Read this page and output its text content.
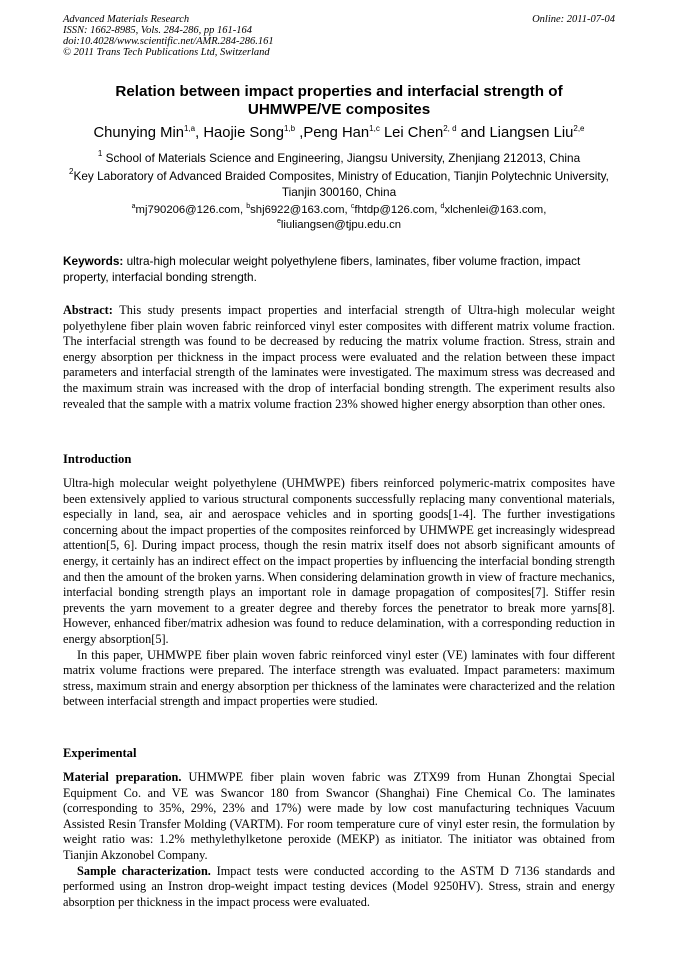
Advanced Materials Research
ISSN: 1662-8985, Vols. 284-286, pp 161-164
doi:10.4028/www.scientific.net/AMR.284-286.161
© 2011 Trans Tech Publications Ltd, Switzerland
Online: 2011-07-04
Relation between impact properties and interfacial strength of
UHMWPE/VE composites
Chunying Min$^{1,a}$, Haojie Song$^{1,b}$ ,Peng Han$^{1,c}$ Lei Chen$^{2, d}$ and Liangsen Liu$^{2,e}$
$^1$ School of Materials Science and Engineering, Jiangsu University, Zhenjiang 212013, China
$^2$Key Laboratory of Advanced Braided Composites, Ministry of Education, Tianjin Polytechnic University, Tianjin 300160, China
$^a$mj790206@126.com, $^b$shj6922@163.com, $^c$fhtdp@126.com, $^d$xlchenlei@163.com,
$^e$liuliangsen@tjpu.edu.cn
Keywords: ultra-high molecular weight polyethylene fibers, laminates, fiber volume fraction, impact property, interfacial bonding strength.
Abstract: This study presents impact properties and interfacial strength of Ultra-high molecular weight polyethylene fiber plain woven fabric reinforced vinyl ester composites with different matrix volume fraction. The interfacial strength was found to be decreased by reducing the matrix volume fraction. Stress, strain and energy absorption per thickness in the impact process were evaluated and the relation between these impact parameters and interfacial strength of the laminates were investigated. The maximum stress was decreased and the maximum strain was increased with the drop of interfacial bonding strength. The experiment results also revealed that the sample with a matrix volume fraction 23% showed higher energy absorption than other ones.
Introduction

Ultra-high molecular weight polyethylene (UHMWPE) fibers reinforced polymeric-matrix composites have been extensively applied to various structural components successfully replacing many conventional materials, especially in land, sea, air and aerospace vehicles and in sporting goods[1-4]. The further investigations concerning about the impact properties of the composites reinforced by UHMWPE get increasingly widespread attention[5, 6]. During impact process, though the resin matrix itself does not absorb significant amounts of energy, it certainly has an indirect effect on the impact properties by influencing the interfacial bonding strength and then the amount of the broken yarns. When considering delamination growth in view of fracture mechanics, interfacial bonding strength plays an important role in damage propagation of composites[7]. Stiffer resin prevents the yarn movement to a greater degree and thereby forces the penetrator to break more yarns[8]. However, enhanced fiber/matrix adhesion was found to reduce delamination, with a corresponding reduction in energy absorption[5].

In this paper, UHMWPE fiber plain woven fabric reinforced vinyl ester (VE) laminates with four different matrix volume fractions were prepared. The interface strength was evaluated. Impact parameters: maximum stress, maximum strain and energy absorption per thickness of the laminates were characterized and the relation between interfacial strength and impact properties were studied.

Experimental

Material preparation. UHMWPE fiber plain woven fabric was ZTX99 from Hunan Zhongtai Special Equipment Co. and VE was Swancor 180 from Swancor (Shanghai) Fine Chemical Co. The laminates (corresponding to 35%, 29%, 23% and 17%) were made by low cost manufacturing techniques Vacuum Assisted Resin Transfer Molding (VARTM). For room temperature cure of vinyl ester resin, the formulation by weight ratio was: 1.2% methylethylketone peroxide (MEKP) as initiator. The initiator was obtained from Tianjin Akzonobel Company.

Sample characterization. Impact tests were conducted according to the ASTM D 7136 standards and performed using an Instron drop-weight impact testing devices (Model 9250HV). Stress, strain and energy absorption per thickness in the impact process were evaluated.
